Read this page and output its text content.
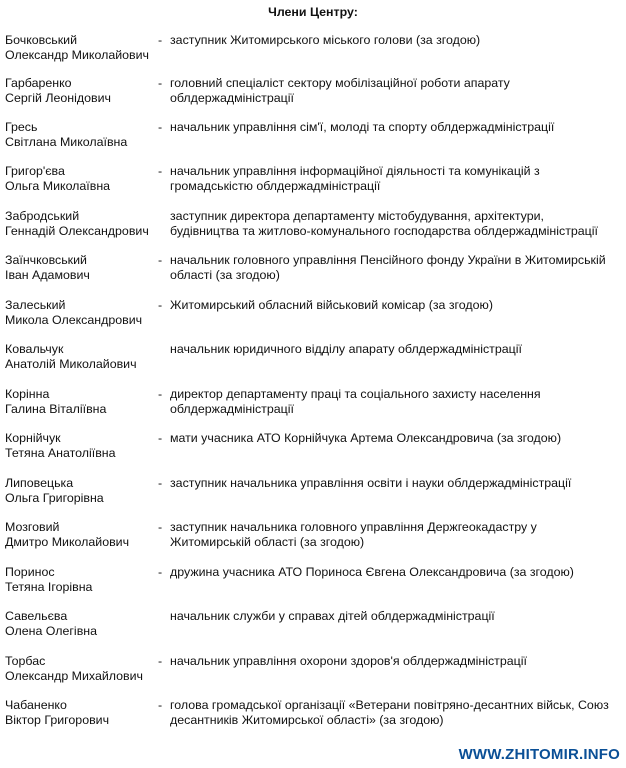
Члени Центру:
Бочковський
Олександр Миколайович
- заступник Житомирського міського голови (за згодою)
Гарбаренко
Сергій Леонідович
- головний спеціаліст сектору мобілізаційної роботи апарату
облдержадміністрації
Гресь
Світлана Миколаївна
- начальник управління сім'ї, молоді та спорту облдержадміністрації
Григор'єва
Ольга Миколаївна
- начальник управління інформаційної діяльності та комунікацій з
громадськістю облдержадміністрації
Забродський
Геннадій Олександрович
заступник директора департаменту містобудування, архітектури,
будівництва та житлово-комунального господарства облдержадміністрації
Заїнчковський
Іван Адамович
- начальник головного управління Пенсійного фонду України в Житомирській
області (за згодою)
Залеський
Микола Олександрович
- Житомирський обласний військовий комісар (за згодою)
Ковальчук
Анатолій Миколайович
начальник юридичного відділу апарату облдержадміністрації
Корінна
Галина Віталіївна
- директор департаменту праці та соціального захисту населення
облдержадміністрації
Корнійчук
Тетяна Анатоліївна
- мати учасника АТО Корнійчука Артема Олександровича (за згодою)
Липовецька
Ольга Григорівна
- заступник начальника управління освіти і науки облдержадміністрації
Мозговий
Дмитро Миколайович
- заступник начальника головного управління Держгеокадастру у
Житомирській області (за згодою)
Поринос
Тетяна Ігорівна
- дружина учасника АТО Пориноса Євгена Олександровича (за згодою)
Савельєва
Олена Олегівна
начальник служби у справах дітей облдержадміністрації
Торбас
Олександр Михайлович
- начальник управління охорони здоров'я облдержадміністрації
Чабаненко
Віктор Григорович
- голова громадської організації «Ветерани повітряно-десантних військ, Союз
десантників Житомирської області» (за згодою)
WWW.ZHITOMIR.INFO
